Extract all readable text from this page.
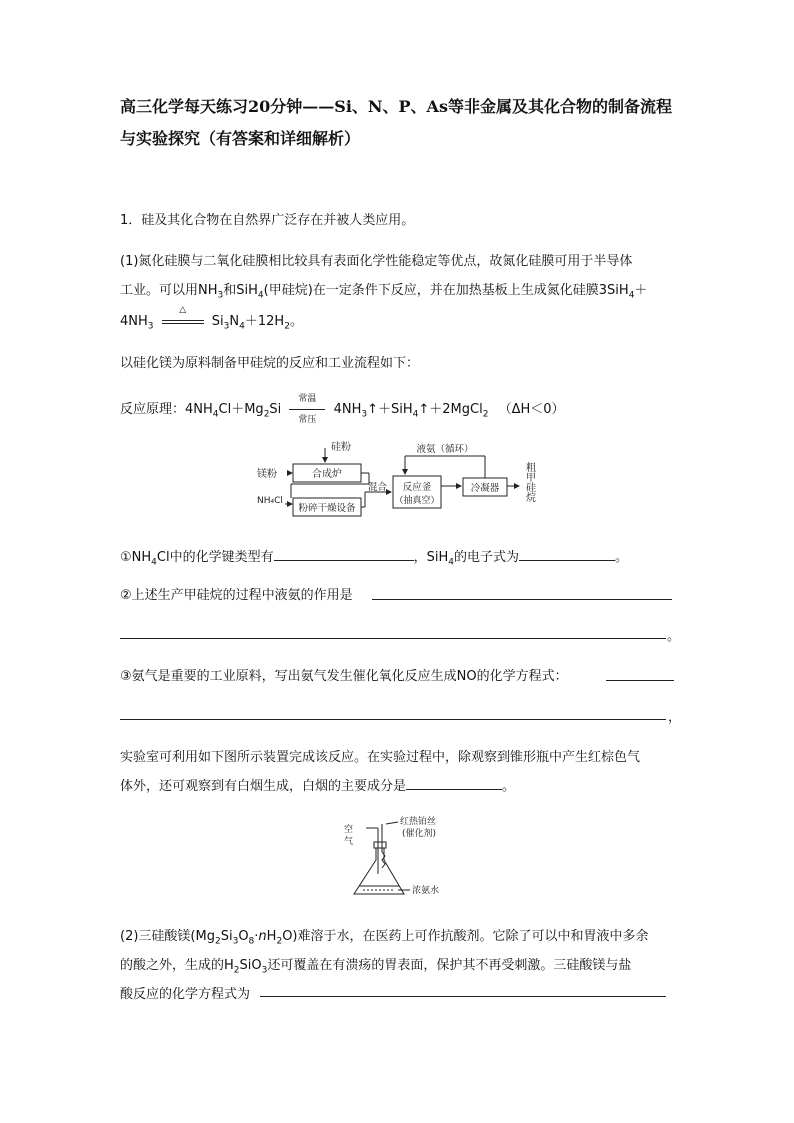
高三化学每天练习20分钟——Si、N、P、As等非金属及其化合物的制备流程
与实验探究（有答案和详细解析）
1．硅及其化合物在自然界广泛存在并被人类应用。
(1)氮化硅膜与二氧化硅膜相比较具有表面化学性能稳定等优点，故氮化硅膜可用于半导体
工业。可以用$NH_3$和SiH$_4$(甲硅烷)在一定条件下反应，并在加热基板上生成氮化硅膜3SiH$_4$＋
$4NH_3$
△
$Si_3N_4+12H_2$。
以硅化镁为原料制备甲硅烷的反应和工业流程如下：
反应原理：$4NH_4Cl+Mg_2Si$
常温
常压
$4NH_3↑+SiH_4↑+2MgCl_2$ （ΔH＜0）
硅粉
镁粉	合成炉
NH₄Cl
粉碎干燥设备
混合
液氨（循环）
反应釜
（抽真空）
冷凝器 粗甲硅烷
$①NH_4Cl$中的化学键类型有	，SiH$_4$的电子式为	。
②上述生产甲硅烷的过程中液氨的作用是
。
③氨气是重要的工业原料，写出氨气发生催化氧化反应生成NO的化学方程式：
，
实验室可利用如下图所示装置完成该反应。在实验过程中，除观察到锥形瓶中产生红棕色气
体外，还可观察到有白烟生成，白烟的主要成分是	。
空
气
红热铂丝
(催化剂)
浓氨水
(2)三硅酸镁$(Mg_2Si_3O_8\cdot nH_2O)$难溶于水，在医药上可作抗酸剂。它除了可以中和胃液中多余
的酸之外，生成的$H_2SiO_3$还可覆盖在有溃疡的胃表面，保护其不再受刺激。三硅酸镁与盐
酸反应的化学方程式为
